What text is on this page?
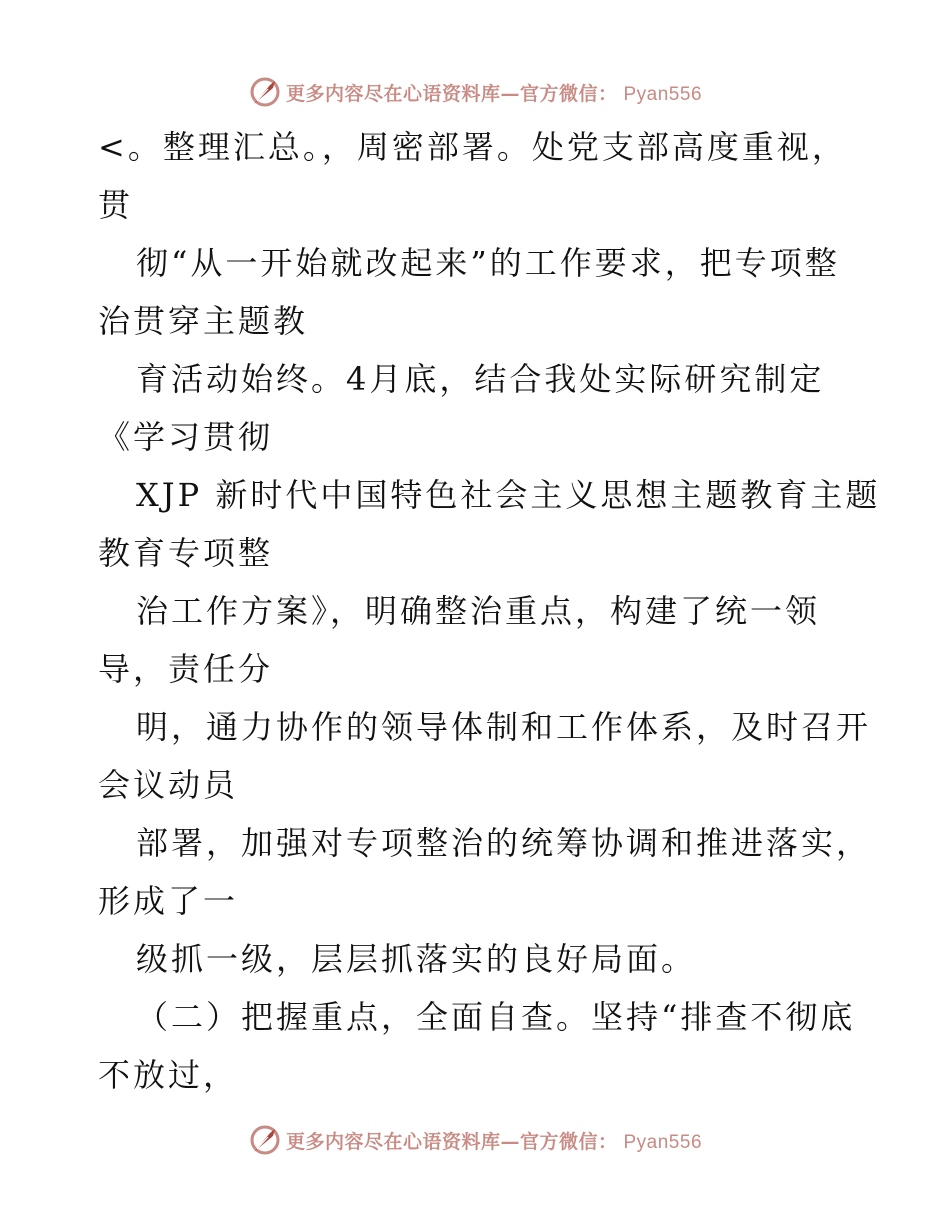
更多内容尽在心语资料库—官方微信： Pyan556
<。整理汇总。，周密部署。处党支部高度重视，
贯
彻“从一开始就改起来”的工作要求，把专项整
治贯穿主题教
育活动始终。4月底，结合我处实际研究制定
《学习贯彻
XJP 新时代中国特色社会主义思想主题教育主题
教育专项整
治工作方案》，明确整治重点，构建了统一领
导，责任分
明，通力协作的领导体制和工作体系，及时召开
会议动员
部署，加强对专项整治的统筹协调和推进落实，
形成了一
级抓一级，层层抓落实的良好局面。
（二）把握重点，全面自查。坚持“排查不彻底
不放过，
更多内容尽在心语资料库—官方微信： Pyan556
